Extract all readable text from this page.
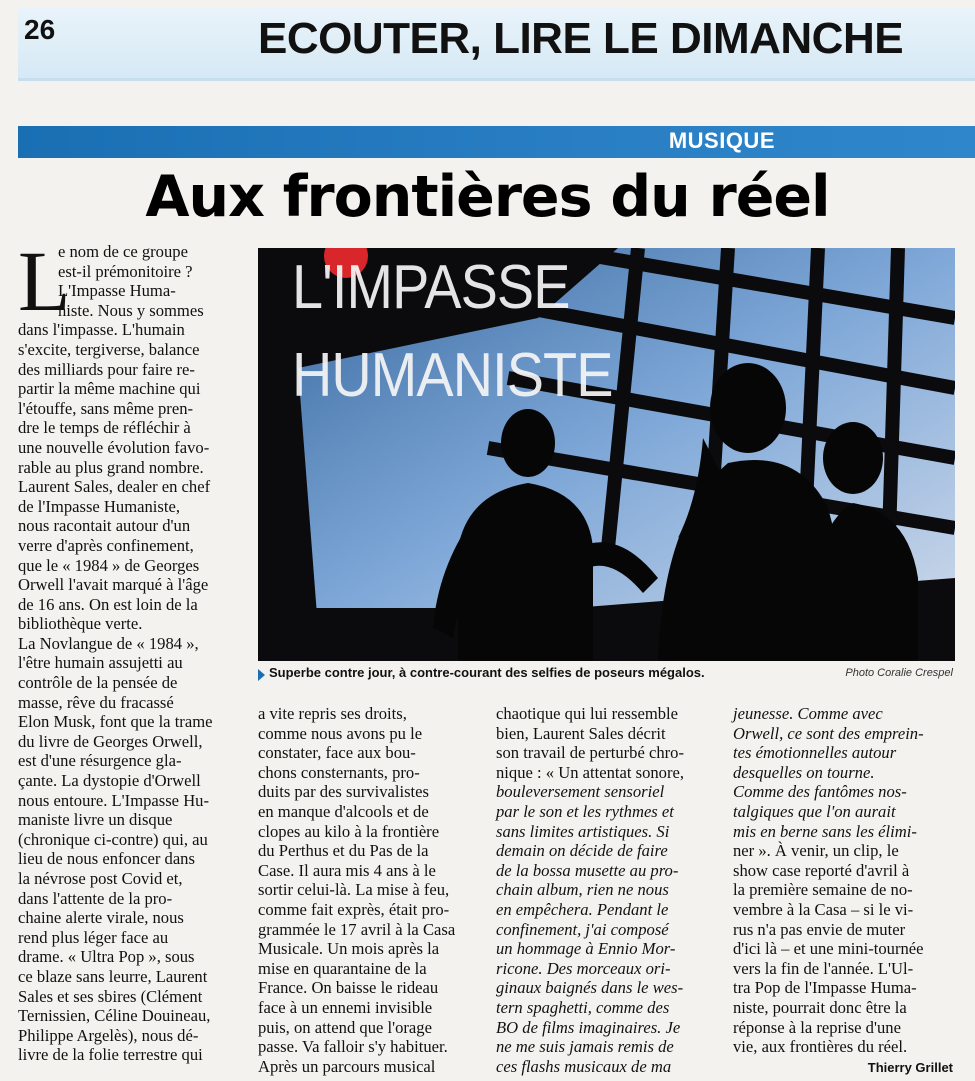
26	ECOUTER, LIRE LE DIMANCHE
MUSIQUE
Aux frontières du réel
L'IMPASSE
HUMANISTE
Superbe contre jour, à contre-courant des selfies de poseurs mégalos.	Photo Coralie Crespel
L
e nom de ce groupe
est-il prémonitoire ?
L'Impasse Huma-
niste. Nous y sommes
dans l'impasse. L'humain
s'excite, tergiverse, balance
des milliards pour faire re-
partir la même machine qui
l'étouffe, sans même pren-
dre le temps de réfléchir à
une nouvelle évolution favo-
rable au plus grand nombre.
Laurent Sales, dealer en chef
de l'Impasse Humaniste,
nous racontait autour d'un
verre d'après confinement,
que le « 1984 » de Georges
Orwell l'avait marqué à l'âge
de 16 ans. On est loin de la
bibliothèque verte.
La Novlangue de « 1984 »,
l'être humain assujetti au
contrôle de la pensée de
masse, rêve du fracassé
Elon Musk, font que la trame
du livre de Georges Orwell,
est d'une résurgence gla-
çante. La dystopie d'Orwell
nous entoure. L'Impasse Hu-
maniste livre un disque
(chronique ci-contre) qui, au
lieu de nous enfoncer dans
la névrose post Covid et,
dans l'attente de la pro-
chaine alerte virale, nous
rend plus léger face au
drame. « Ultra Pop », sous
ce blaze sans leurre, Laurent
Sales et ses sbires (Clément
Ternissien, Céline Douineau,
Philippe Argelès), nous dé-
livre de la folie terrestre qui
a vite repris ses droits,
comme nous avons pu le
constater, face aux bou-
chons consternants, pro-
duits par des survivalistes
en manque d'alcools et de
clopes au kilo à la frontière
du Perthus et du Pas de la
Case. Il aura mis 4 ans à le
sortir celui-là. La mise à feu,
comme fait exprès, était pro-
grammée le 17 avril à la Casa
Musicale. Un mois après la
mise en quarantaine de la
France. On baisse le rideau
face à un ennemi invisible
puis, on attend que l'orage
passe. Va falloir s'y habituer.
Après un parcours musical
chaotique qui lui ressemble
bien, Laurent Sales décrit
son travail de perturbé chro-
nique : « Un attentat sonore,
bouleversement sensoriel
par le son et les rythmes et
sans limites artistiques. Si
demain on décide de faire
de la bossa musette au pro-
chain album, rien ne nous
en empêchera. Pendant le
confinement, j'ai composé
un hommage à Ennio Mor-
ricone. Des morceaux ori-
ginaux baignés dans le wes-
tern spaghetti, comme des
BO de films imaginaires. Je
ne me suis jamais remis de
ces flashs musicaux de ma
jeunesse. Comme avec
Orwell, ce sont des emprein-
tes émotionnelles autour
desquelles on tourne.
Comme des fantômes nos-
talgiques que l'on aurait
mis en berne sans les élimi-
ner ». À venir, un clip, le
show case reporté d'avril à
la première semaine de no-
vembre à la Casa – si le vi-
rus n'a pas envie de muter
d'ici là – et une mini-tournée
vers la fin de l'année. L'Ul-
tra Pop de l'Impasse Huma-
niste, pourrait donc être la
réponse à la reprise d'une
vie, aux frontières du réel.
Thierry Grillet
